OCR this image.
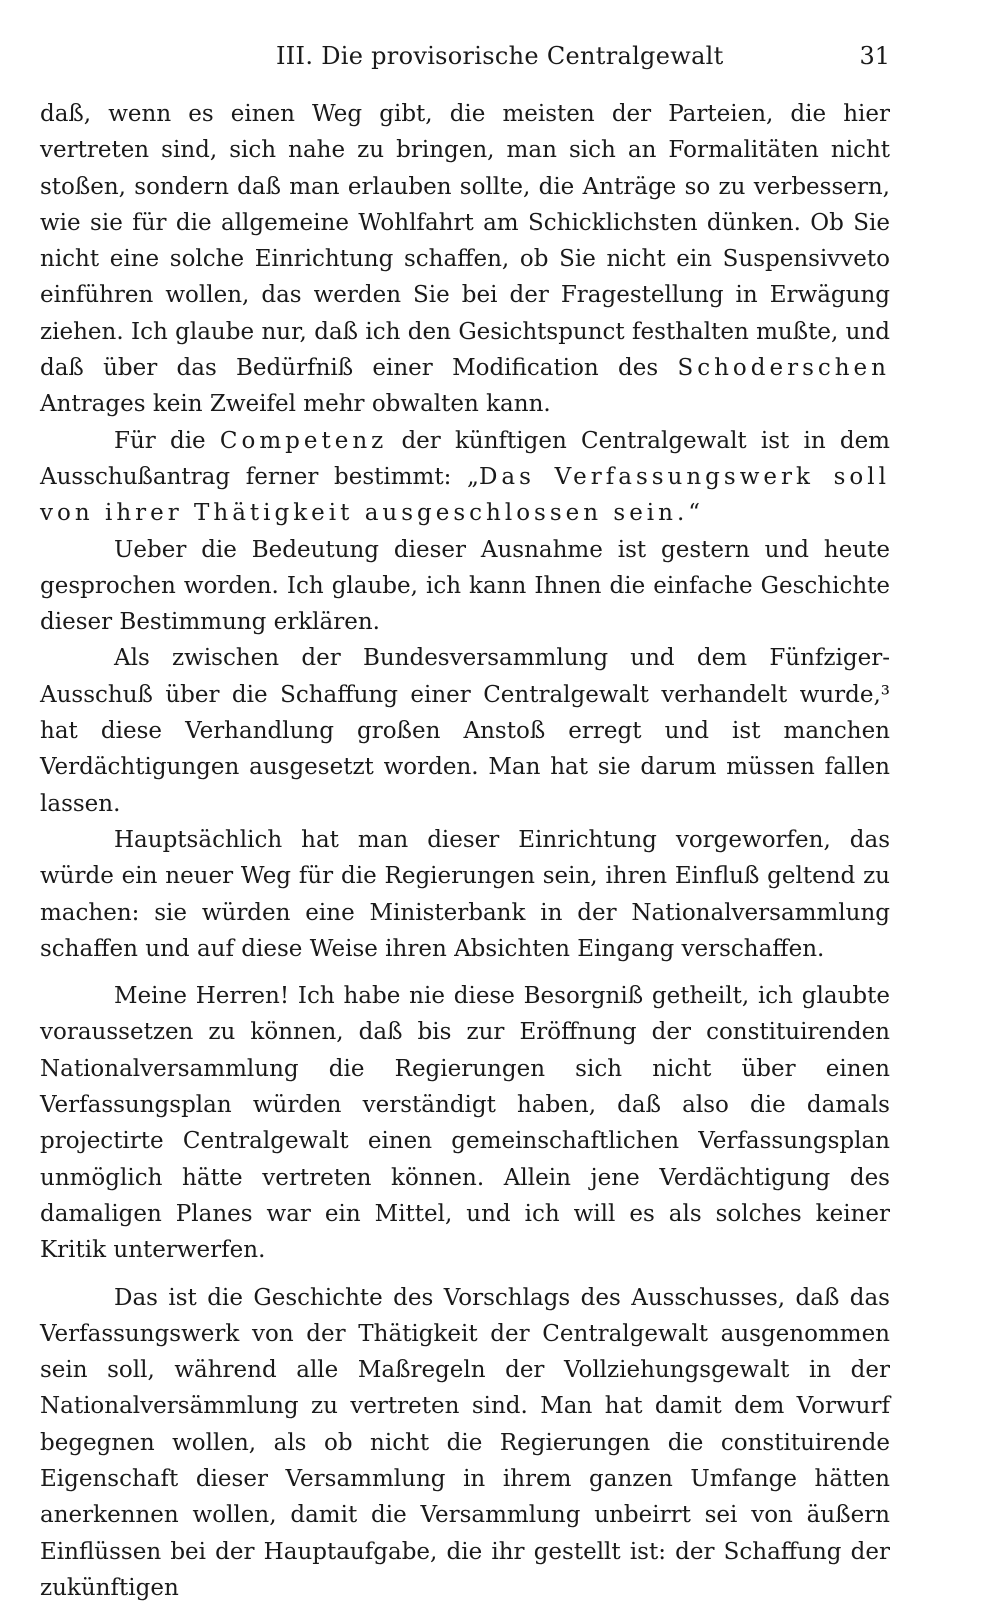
III. Die provisorische Centralgewalt	31

daß, wenn es einen Weg gibt, die meisten der Parteien, die hier vertreten sind, sich nahe zu bringen, man sich an Formalitäten nicht stoßen, sondern daß man erlauben sollte, die Anträge so zu verbessern, wie sie für die allgemeine Wohlfahrt am Schicklichsten dünken. Ob Sie nicht eine solche Einrichtung schaffen, ob Sie nicht ein Suspensivveto einführen wollen, das werden Sie bei der Fragestellung in Erwägung ziehen. Ich glaube nur, daß ich den Gesichtspunct festhalten mußte, und daß über das Bedürfniß einer Modification des Schoderschen Antrages kein Zweifel mehr obwalten kann.

Für die Competenz der künftigen Centralgewalt ist in dem Ausschußantrag ferner bestimmt: „Das Verfassungswerk soll von ihrer Thätigkeit ausgeschlossen sein.“

Ueber die Bedeutung dieser Ausnahme ist gestern und heute gesprochen worden. Ich glaube, ich kann Ihnen die einfache Geschichte dieser Bestimmung erklären.

Als zwischen der Bundesversammlung und dem Fünfziger-Ausschuß über die Schaffung einer Centralgewalt verhandelt wurde,³ hat diese Verhandlung großen Anstoß erregt und ist manchen Verdächtigungen ausgesetzt worden. Man hat sie darum müssen fallen lassen.

Hauptsächlich hat man dieser Einrichtung vorgeworfen, das würde ein neuer Weg für die Regierungen sein, ihren Einfluß geltend zu machen: sie würden eine Ministerbank in der Nationalversammlung schaffen und auf diese Weise ihren Absichten Eingang verschaffen.

Meine Herren! Ich habe nie diese Besorgniß getheilt, ich glaubte voraussetzen zu können, daß bis zur Eröffnung der constituirenden Nationalversammlung die Regierungen sich nicht über einen Verfassungsplan würden verständigt haben, daß also die damals projectirte Centralgewalt einen gemeinschaftlichen Verfassungsplan unmöglich hätte vertreten können. Allein jene Verdächtigung des damaligen Planes war ein Mittel, und ich will es als solches keiner Kritik unterwerfen.

Das ist die Geschichte des Vorschlags des Ausschusses, daß das Verfassungswerk von der Thätigkeit der Centralgewalt ausgenommen sein soll, während alle Maßregeln der Vollziehungsgewalt in der Nationalversämmlung zu vertreten sind. Man hat damit dem Vorwurf begegnen wollen, als ob nicht die Regierungen die constituirende Eigenschaft dieser Versammlung in ihrem ganzen Umfange hätten anerkennen wollen, damit die Versammlung unbeirrt sei von äußern Einflüssen bei der Hauptaufgabe, die ihr gestellt ist: der Schaffung der zukünftigen
